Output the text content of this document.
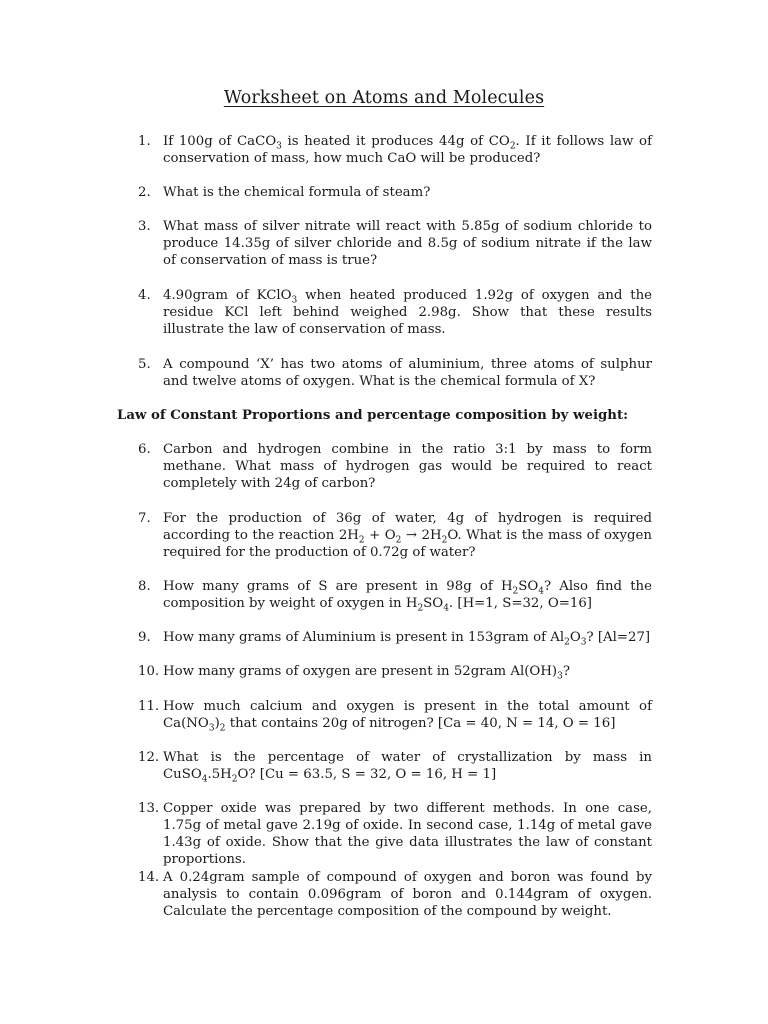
Worksheet on Atoms and Molecules
1. If 100g of CaCO$_3$ is heated it produces 44g of $CO_2$. If it follows law of conservation of mass, how much CaO will be produced?
2. What is the chemical formula of steam?
3. What mass of silver nitrate will react with 5.85g of sodium chloride to produce 14.35g of silver chloride and 8.5g of sodium nitrate if the law of conservation of mass is true?
4. 4.90gram of KClO$_3$ when heated produced 1.92g of oxygen and the residue KCl left behind weighed 2.98g. Show that these results illustrate the law of conservation of mass.
5. A compound ‘X’ has two atoms of aluminium, three atoms of sulphur and twelve atoms of oxygen. What is the chemical formula of X?
Law of Constant Proportions and percentage composition by weight:
6. Carbon and hydrogen combine in the ratio 3:1 by mass to form methane. What mass of hydrogen gas would be required to react completely with 24g of carbon?
7. For the production of 36g of water, 4g of hydrogen is required according to the reaction $2H_2 + O_2 \to 2H_2O$. What is the mass of oxygen required for the production of 0.72g of water?
8. How many grams of S are present in 98g of $H_2SO_4$? Also find the composition by weight of oxygen in $H_2SO_4$. [H=1, S=32, O=16]
9. How many grams of Aluminium is present in 153gram of $Al_2O_3$? [Al=27]
10. How many grams of oxygen are present in 52gram $Al(OH)_3$?
11. How much calcium and oxygen is present in the total amount of $Ca(NO_3)_2$ that contains 20g of nitrogen? [Ca = 40, N = 14, O = 16]
12. What is the percentage of water of crystallization by mass in $CuSO_4.5H_2O$? [Cu = 63.5, S = 32, O = 16, H = 1]
13. Copper oxide was prepared by two different methods. In one case, 1.75g of metal gave 2.19g of oxide. In second case, 1.14g of metal gave 1.43g of oxide. Show that the give data illustrates the law of constant proportions.
14. A 0.24gram sample of compound of oxygen and boron was found by analysis to contain 0.096gram of boron and 0.144gram of oxygen. Calculate the percentage composition of the compound by weight.
